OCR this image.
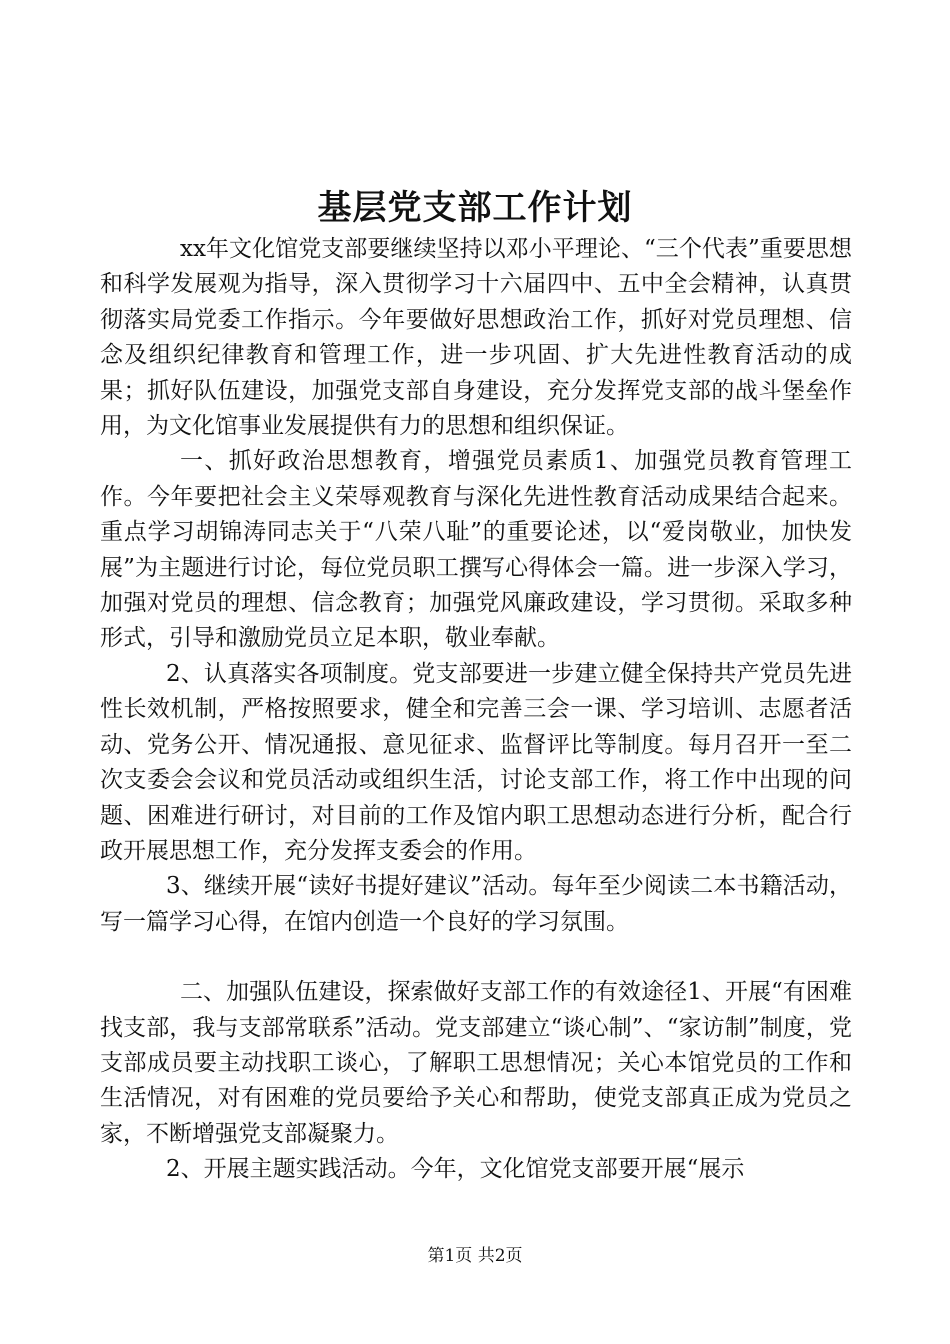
基层党支部工作计划

xx年文化馆党支部要继续坚持以邓小平理论、“三个代表”重要思想和科学发展观为指导，深入贯彻学习十六届四中、五中全会精神，认真贯彻落实局党委工作指示。今年要做好思想政治工作，抓好对党员理想、信念及组织纪律教育和管理工作，进一步巩固、扩大先进性教育活动的成果；抓好队伍建设，加强党支部自身建设，充分发挥党支部的战斗堡垒作用，为文化馆事业发展提供有力的思想和组织保证。

一、抓好政治思想教育，增强党员素质1、加强党员教育管理工作。今年要把社会主义荣辱观教育与深化先进性教育活动成果结合起来。重点学习胡锦涛同志关于“八荣八耻”的重要论述，以“爱岗敬业，加快发展”为主题进行讨论，每位党员职工撰写心得体会一篇。进一步深入学习，加强对党员的理想、信念教育；加强党风廉政建设，学习贯彻。采取多种形式，引导和激励党员立足本职，敬业奉献。

2、认真落实各项制度。党支部要进一步建立健全保持共产党员先进性长效机制，严格按照要求，健全和完善三会一课、学习培训、志愿者活动、党务公开、情况通报、意见征求、监督评比等制度。每月召开一至二次支委会会议和党员活动或组织生活，讨论支部工作，将工作中出现的问题、困难进行研讨，对目前的工作及馆内职工思想动态进行分析，配合行政开展思想工作，充分发挥支委会的作用。

3、继续开展“读好书提好建议”活动。每年至少阅读二本书籍活动，写一篇学习心得，在馆内创造一个良好的学习氛围。

二、加强队伍建设，探索做好支部工作的有效途径1、开展“有困难找支部，我与支部常联系”活动。党支部建立“谈心制”、“家访制”制度，党支部成员要主动找职工谈心，了解职工思想情况；关心本馆党员的工作和生活情况，对有困难的党员要给予关心和帮助，使党支部真正成为党员之家，不断增强党支部凝聚力。

2、开展主题实践活动。今年，文化馆党支部要开展“展示

第1页 共2页
